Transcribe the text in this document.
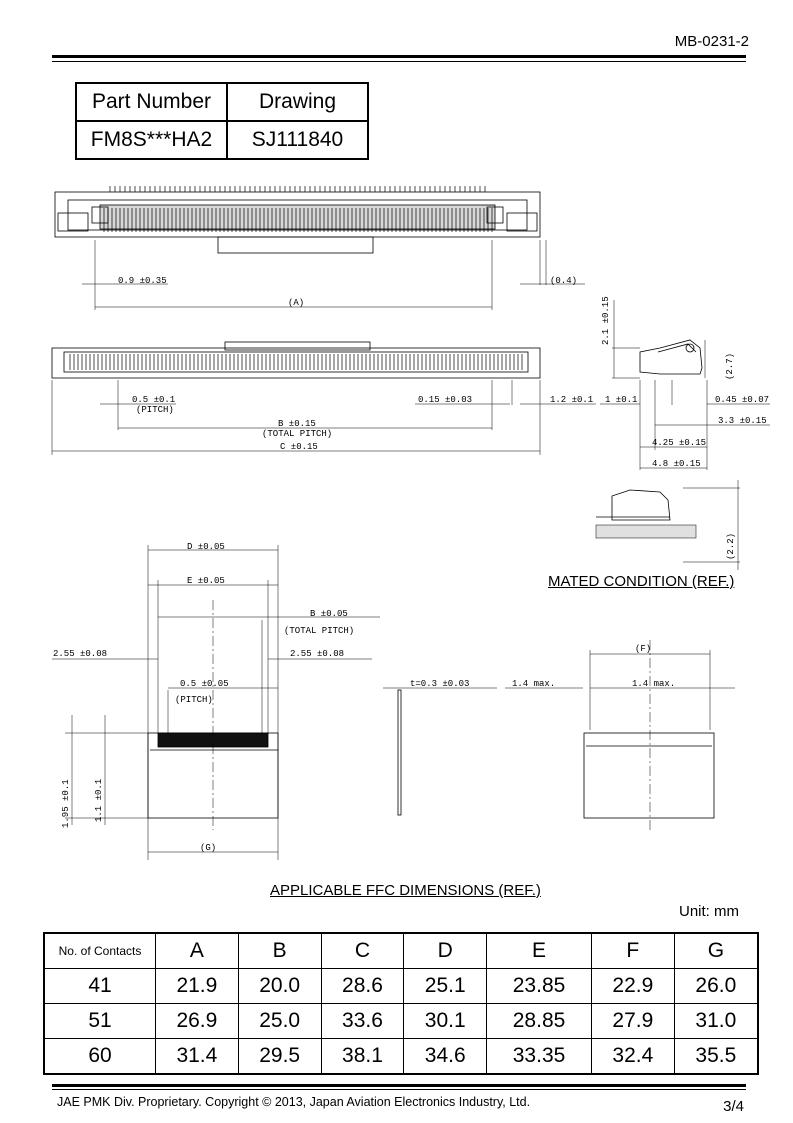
MB-0231-2
Part Number	Drawing
FM8S***HA2	SJ111840
0.9 ±0.35	(0.4)
(A)
0.5 ±0.1
(PITCH)
0.15 ±0.03	1.2 ±0.1
B ±0.15
(TOTAL PITCH)
C ±0.15
2.1 ±0.15
(2.7)
1 ±0.1	0.45 ±0.07
3.3 ±0.15
4.25 ±0.15
4.8 ±0.15
(2.2)
D ±0.05
E ±0.05
B ±0.05
(TOTAL PITCH)
2.55 ±0.08	2.55 ±0.08
0.5 ±0.05
(PITCH)
1.95 ±0.1	1.1 ±0.1
(G)
t=0.3 ±0.03	1.4 max.
(F)
1.4 max.
MATED CONDITION (REF.)
APPLICABLE FFC DIMENSIONS (REF.)
Unit: mm
No. of Contacts	A	B	C	D	E	F	G
41	21.9	20.0	28.6	25.1	23.85	22.9	26.0
51	26.9	25.0	33.6	30.1	28.85	27.9	31.0
60	31.4	29.5	38.1	34.6	33.35	32.4	35.5
JAE PMK Div. Proprietary. Copyright © 2013, Japan Aviation Electronics Industry, Ltd.	3/4
